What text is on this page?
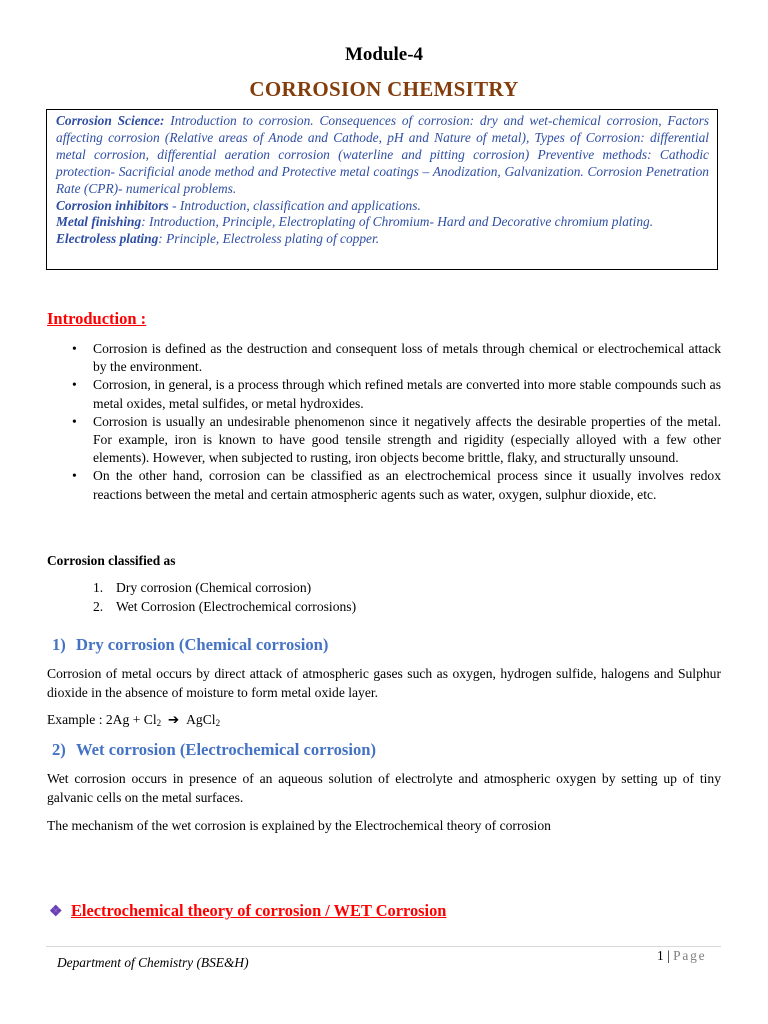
Module-4
CORROSION CHEMSITRY

Corrosion Science: Introduction to corrosion. Consequences of corrosion: dry and wet-chemical corrosion, Factors affecting corrosion (Relative areas of Anode and Cathode, pH and Nature of metal), Types of Corrosion: differential metal corrosion, differential aeration corrosion (waterline and pitting corrosion) Preventive methods: Cathodic protection- Sacrificial anode method and Protective metal coatings – Anodization, Galvanization. Corrosion Penetration Rate (CPR)- numerical problems.

Corrosion inhibitors - Introduction, classification and applications.

Metal finishing: Introduction, Principle, Electroplating of Chromium- Hard and Decorative chromium plating.

Electroless plating: Principle, Electroless plating of copper.

Introduction :
• Corrosion is defined as the destruction and consequent loss of metals through chemical or electrochemical attack by the environment.
• Corrosion, in general, is a process through which refined metals are converted into more stable compounds such as metal oxides, metal sulfides, or metal hydroxides.
• Corrosion is usually an undesirable phenomenon since it negatively affects the desirable properties of the metal. For example, iron is known to have good tensile strength and rigidity (especially alloyed with a few other elements). However, when subjected to rusting, iron objects become brittle, flaky, and structurally unsound.
• On the other hand, corrosion can be classified as an electrochemical process since it usually involves redox reactions between the metal and certain atmospheric agents such as water, oxygen, sulphur dioxide, etc.
Corrosion classified as
1. Dry corrosion (Chemical corrosion)
2. Wet Corrosion (Electrochemical corrosions)
1) Dry corrosion (Chemical corrosion)

Corrosion of metal occurs by direct attack of atmospheric gases such as oxygen, hydrogen sulfide, halogens and Sulphur dioxide in the absence of moisture to form metal oxide layer.

Example : $2Ag + Cl_2$ ➔ AgCl$_2$
2) Wet corrosion (Electrochemical corrosion)

Wet corrosion occurs in presence of an aqueous solution of electrolyte and atmospheric oxygen by setting up of tiny galvanic cells on the metal surfaces.

The mechanism of the wet corrosion is explained by the Electrochemical theory of corrosion

❖ Electrochemical theory of corrosion / WET Corrosion
Department of Chemistry (BSE&H)	1 | Page
